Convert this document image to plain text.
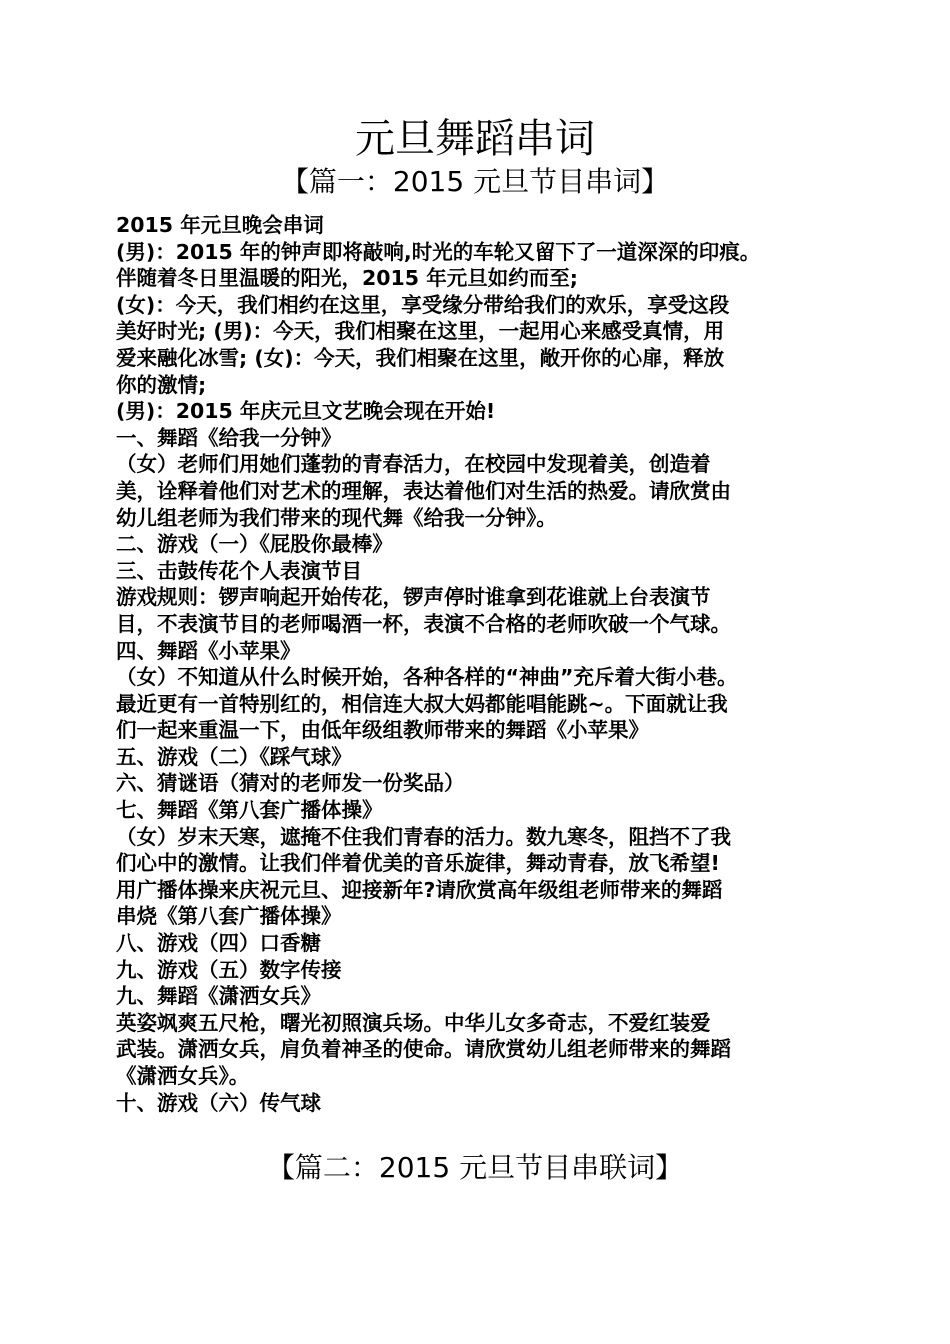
元旦舞蹈串词
【篇一：2015 元旦节目串词】
2015 年元旦晚会串词
(男)：2015 年的钟声即将敲响,时光的车轮又留下了一道深深的印痕。
伴随着冬日里温暖的阳光，2015 年元旦如约而至;
(女)：今天，我们相约在这里，享受缘分带给我们的欢乐，享受这段
美好时光; (男)：今天，我们相聚在这里，一起用心来感受真情，用
爱来融化冰雪; (女)：今天，我们相聚在这里，敞开你的心扉，释放
你的激情;
(男)：2015 年庆元旦文艺晚会现在开始!
一、舞蹈《给我一分钟》
（女）老师们用她们蓬勃的青春活力，在校园中发现着美，创造着
美，诠释着他们对艺术的理解，表达着他们对生活的热爱。请欣赏由
幼儿组老师为我们带来的现代舞《给我一分钟》。
二、游戏（一）《屁股你最棒》
三、击鼓传花个人表演节目
游戏规则：锣声响起开始传花，锣声停时谁拿到花谁就上台表演节
目，不表演节目的老师喝酒一杯，表演不合格的老师吹破一个气球。
四、舞蹈《小苹果》
（女）不知道从什么时候开始，各种各样的“神曲”充斥着大街小巷。
最近更有一首特别红的，相信连大叔大妈都能唱能跳~。下面就让我
们一起来重温一下，由低年级组教师带来的舞蹈《小苹果》
五、游戏（二）《踩气球》
六、猜谜语（猜对的老师发一份奖品）
七、舞蹈《第八套广播体操》
（女）岁末天寒，遮掩不住我们青春的活力。数九寒冬，阻挡不了我
们心中的激情。让我们伴着优美的音乐旋律，舞动青春，放飞希望!
用广播体操来庆祝元旦、迎接新年?请欣赏高年级组老师带来的舞蹈
串烧《第八套广播体操》
八、游戏（四）口香糖
九、游戏（五）数字传接
九、舞蹈《潇洒女兵》
英姿飒爽五尺枪，曙光初照演兵场。中华儿女多奇志，不爱红装爱
武装。潇洒女兵，肩负着神圣的使命。请欣赏幼儿组老师带来的舞蹈
《潇洒女兵》。
十、游戏（六）传气球
【篇二：2015 元旦节目串联词】
